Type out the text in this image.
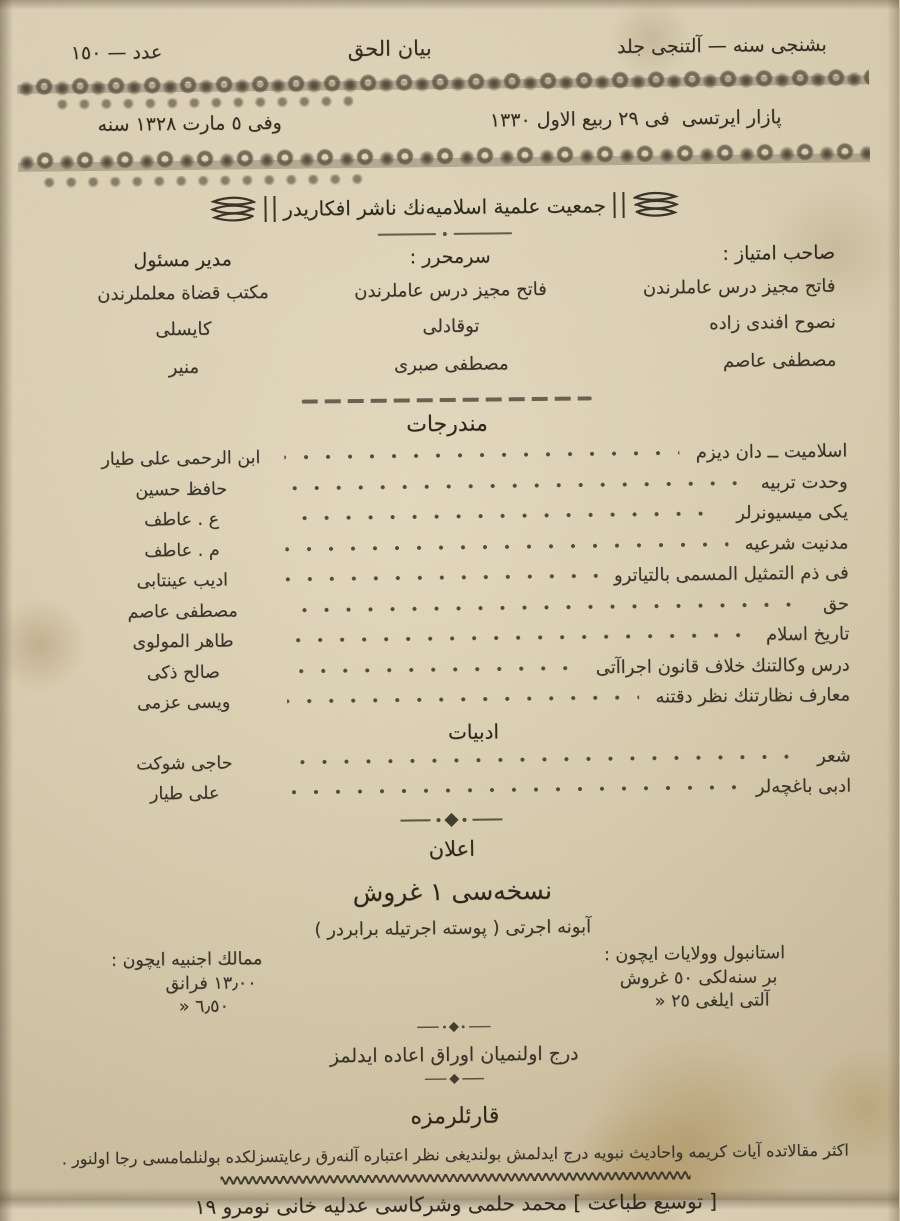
بشنجى سنه — آلتنجى جلد
بيان الحق
عدد — ١٥٠
پازار ايرتسى  فى ٢٩ ربيع الاول ١٣٣٠
وفى ٥ مارت ١٣٢٨ سنه
جمعيت علمية اسلاميه‌نك ناشر افكاريدر
صاحب امتياز :
فاتح مجيز درس عاملرندن
نصوح افندى زاده
مصطفى عاصم
سرمحرر :
فاتح مجيز درس عاملرندن
توقادلى
مصطفى صبرى
مدير مسئول
مكتب قضاة معلملرندن
كايسلى
منير
مندرجات
اسلاميت ــ دان ديزم
ابن الرحمى على طيار
وحدت تربيه
حافظ حسين
يكى ميسيونرلر
ع . عاطف
مدنيت شرعيه
م . عاطف
فى ذم التمثيل المسمى بالتياترو
اديب عينتابى
حق
مصطفى عاصم
تاريخ اسلام
طاهر المولوى
درس وكالتنك خلاف قانون اجراآتى
صالح ذكى
معارف نظارتنك نظر دقتنه
ويسى عزمى
ادبيات
شعر
حاجى شوكت
ادبى باغچه‌لر
على طيار
اعلان
نسخه‌سى ١ غروش
آبونه اجرتى ( پوسته اجرتيله برابردر )
استانبول وولايات ايچون :
بر سنه‌لكى ٥٠ غروش
آلتى ايلغى ٢٥ «
ممالك اجنبيه ايچون :
١٣٫٠٠ فرانق
٦٫٥٠ «
درج اولنميان اوراق اعاده ايدلمز
قارئلرمزه
اكثر مقالاتده آيات كريمه واحاديث نبويه درج ايدلمش بولنديغى نظر اعتباره آلنه‌رق رعايتسزلكده بولنلمامسى رجا اولنور .
[ توسيع طباعت ] محمد حلمى وشركاسى عدليه خانى نومرو ١٩
